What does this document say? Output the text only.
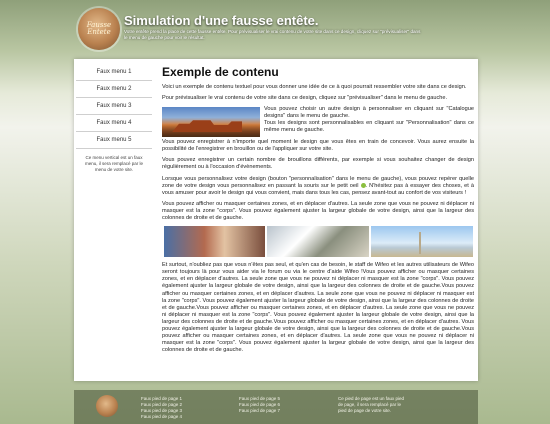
Fausse Entete
Simulation d'une fausse entête.
Votre entête prend la place de cette fausse entête. Pour prévisualiser le vrai contenu de votre site dans ce design, cliquez sur "prévisualiser" dans le menu de gauche pour voir le résultat.
Faux menu 1
Faux menu 2
Faux menu 3
Faux menu 4
Faux menu 5
Ce menu vertical est un faux menu, il sera remplacé par le menu de votre site.
Exemple de contenu

Voici un exemple de contenu textuel pour vous donner une idée de ce à quoi pourrait ressembler votre site dans ce design.

Pour prévisualiser le vrai contenu de votre site dans ce design, cliquez sur "prévisualiser" dans le menu de gauche.

Vous pouvez choisir un autre design à personnaliser en cliquant sur "Catalogue designs" dans le menu de gauche.

Tous les designs sont personnalisables en cliquant sur "Personnalisation" dans ce même menu de gauche.

Vous pouvez enregistrer à n'importe quel moment le design que vous êtes en train de concevoir. Vous aurez ensuite la possibilité de l'enregistrer en brouillon ou de l'appliquer sur votre site.

Vous pouvez enregistrer un certain nombre de brouillons différents, par exemple si vous souhaitez changer de design régulièrement ou à l'occasion d'évènements.

Lorsque vous personnalisez votre design (bouton "personnalisation" dans le menu de gauche), vous pouvez repérer quelle zone de votre design vous personnalisez en passant la souris sur le petit oeil . N'hésitez pas à essayer des choses, et à vous amuser pour avoir le design qui vous convient, mais dans tous les cas, pensez avant-tout au confort de vos visiteurs !

Vous pouvez afficher ou masquer certaines zones, et en déplacer d'autres. La seule zone que vous ne pouvez ni déplacer ni masquer est la zone "corps". Vous pouvez également ajuster la largeur globale de votre design, ainsi que la largeur des colonnes de droite et de gauche.

Et surtout, n'oubliez pas que vous n'êtes pas seul, et qu'en cas de besoin, le staff de Wifeo et les autres utilisateurs de Wifeo seront toujours là pour vous aider via le forum ou via le centre d'aide Wifeo !Vous pouvez afficher ou masquer certaines zones, et en déplacer d'autres. La seule zone que vous ne pouvez ni déplacer ni masquer est la zone "corps". Vous pouvez également ajuster la largeur globale de votre design, ainsi que la largeur des colonnes de droite et de gauche.Vous pouvez afficher ou masquer certaines zones, et en déplacer d'autres. La seule zone que vous ne pouvez ni déplacer ni masquer est la zone "corps". Vous pouvez également ajuster la largeur globale de votre design, ainsi que la largeur des colonnes de droite et de gauche.Vous pouvez afficher ou masquer certaines zones, et en déplacer d'autres. La seule zone que vous ne pouvez ni déplacer ni masquer est la zone "corps". Vous pouvez également ajuster la largeur globale de votre design, ainsi que la largeur des colonnes de droite et de gauche.Vous pouvez afficher ou masquer certaines zones, et en déplacer d'autres. Vous pouvez également ajuster la largeur globale de votre design, ainsi que la largeur des colonnes de droite et de gauche.Vous pouvez afficher ou masquer certaines zones, et en déplacer d'autres. La seule zone que vous ne pouvez ni déplacer ni masquer est la zone "corps". Vous pouvez également ajuster la largeur globale de votre design, ainsi que la largeur des colonnes de droite et de gauche.

Faux pied de page 1
Faux pied de page 2
Faux pied de page 3
Faux pied de page 4
Faux pied de page 5
Faux pied de page 6
Faux pied de page 7
Ce pied de page est un faux pied de page, il sera remplacé par le pied de page de votre site.
